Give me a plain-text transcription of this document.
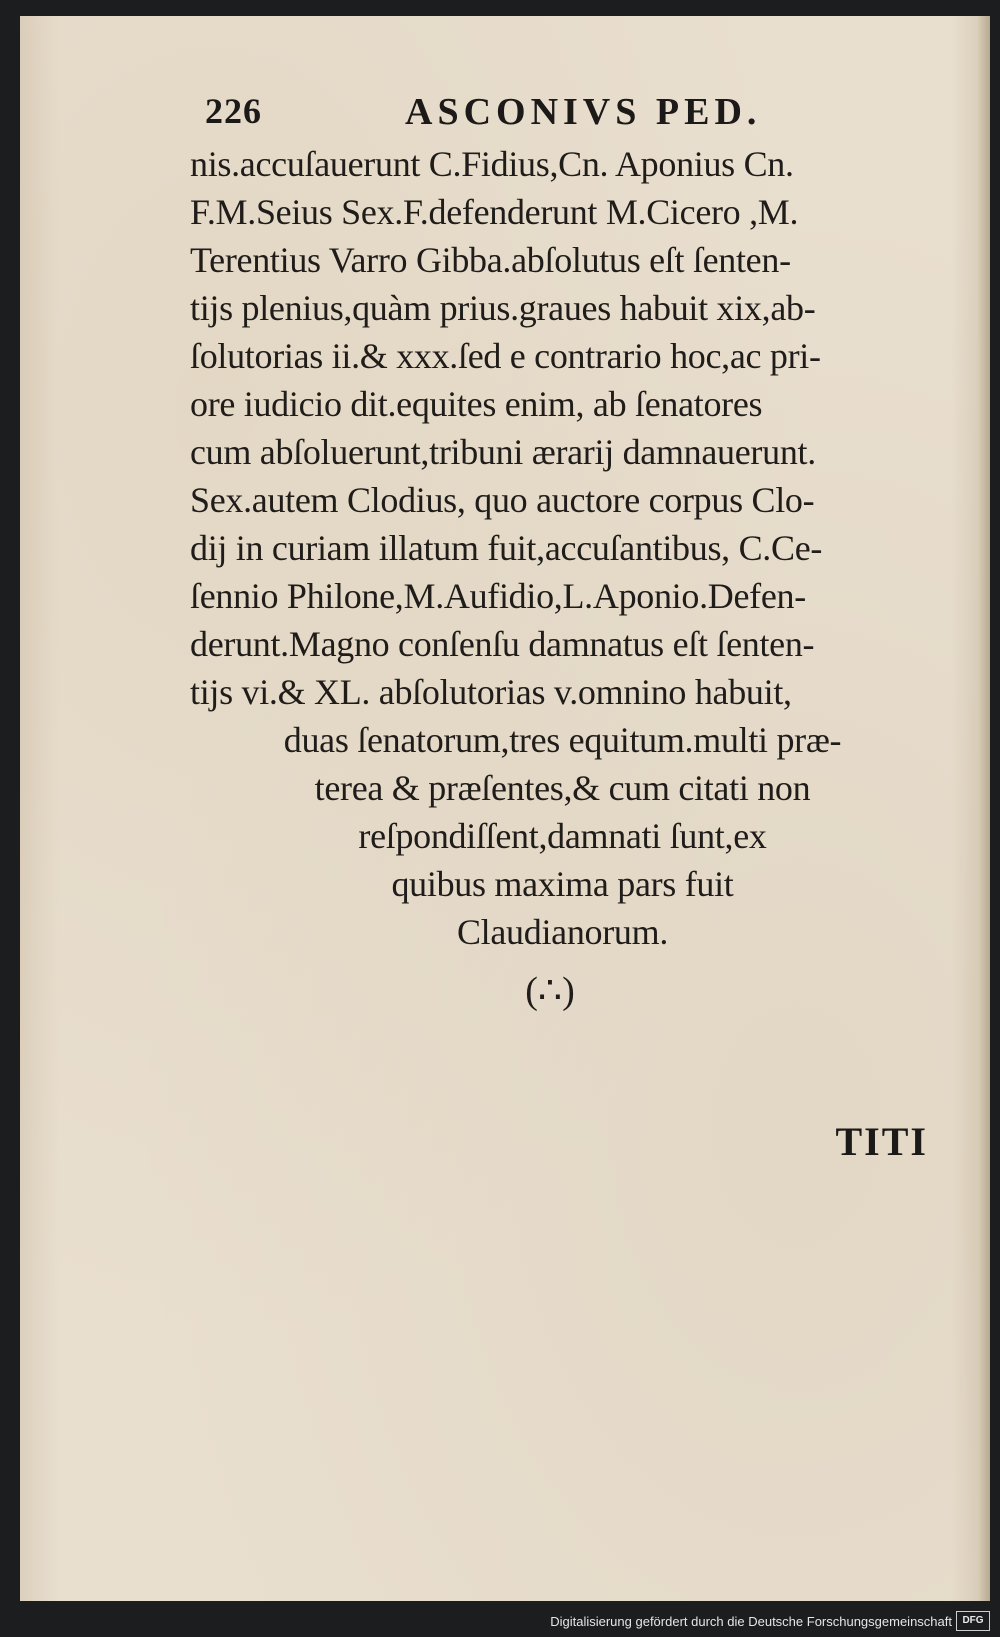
226	ASCONIVS PED.
nis.accuſauerunt C.Fidius,Cn. Aponius Cn.
F.M.Seius Sex.F.defenderunt M.Cicero ,M.
Terentius Varro Gibba.abſolutus eſt ſenten-
tijs plenius,quàm prius.graues habuit xix,ab-
ſolutorias ii.& xxx.ſed e contrario hoc,ac pri-
ore iudicio dit.equites enim, ab ſenatores
cum abſoluerunt,tribuni ærarij damnauerunt.
Sex.autem Clodius, quo auctore corpus Clo-
dij in curiam illatum fuit,accuſantibus, C.Ce-
ſennio Philone,M.Aufidio,L.Aponio.Defen-
derunt.Magno conſenſu damnatus eſt ſenten-
tijs vi.& XL. abſolutorias v.omnino habuit,
duas ſenatorum,tres equitum.multi præ-
terea & præſentes,& cum citati non
reſpondiſſent,damnati ſunt,ex
quibus maxima pars fuit
Claudianorum.
(∴)
TITI
Digitalisierung gefördert durch die Deutsche Forschungsgemeinschaft	DFG
